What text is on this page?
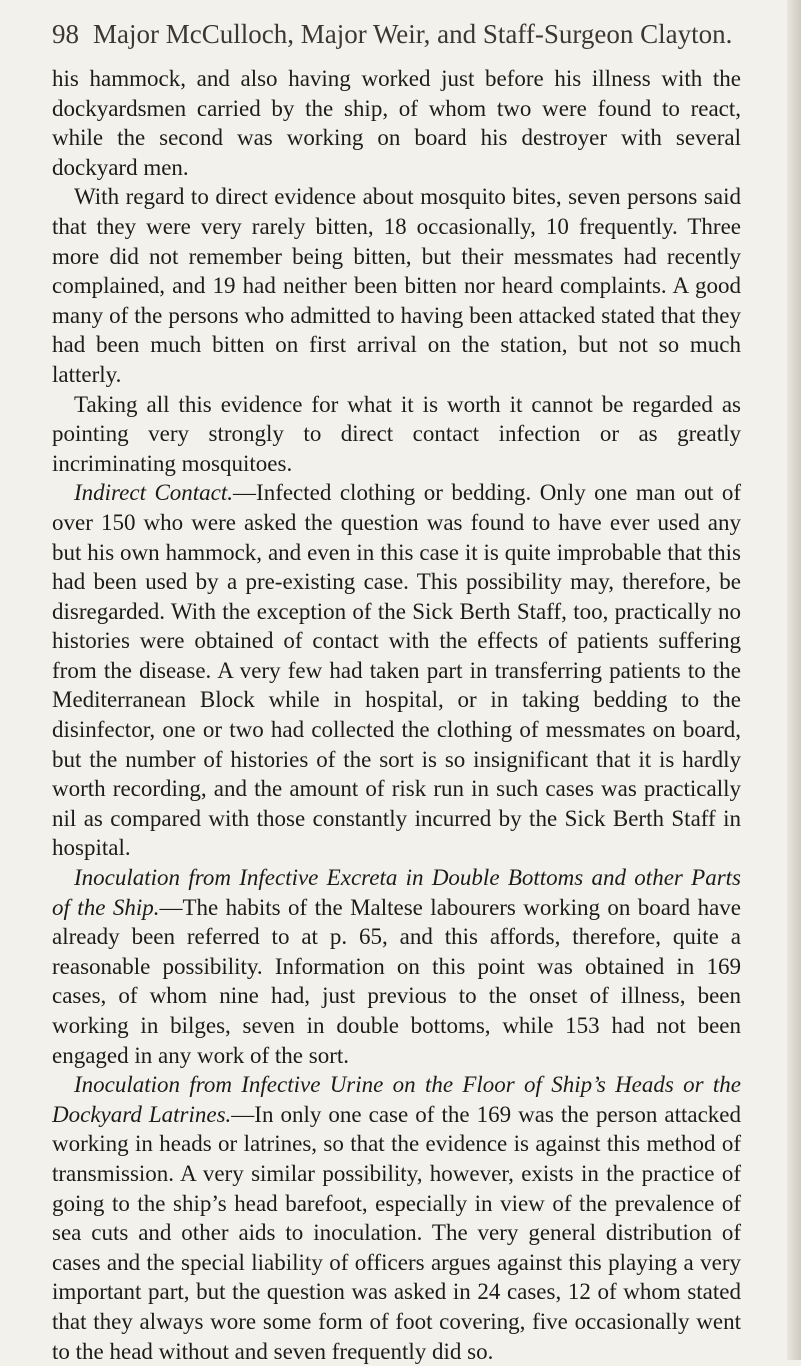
98 Major McCulloch, Major Weir, and Staff-Surgeon Clayton.

his hammock, and also having worked just before his illness with the dockyardsmen carried by the ship, of whom two were found to react, while the second was working on board his destroyer with several dockyard men.

With regard to direct evidence about mosquito bites, seven persons said that they were very rarely bitten, 18 occasionally, 10 frequently. Three more did not remember being bitten, but their messmates had recently complained, and 19 had neither been bitten nor heard complaints. A good many of the persons who admitted to having been attacked stated that they had been much bitten on first arrival on the station, but not so much latterly.

Taking all this evidence for what it is worth it cannot be regarded as pointing very strongly to direct contact infection or as greatly incriminating mosquitoes.

Indirect Contact.—Infected clothing or bedding. Only one man out of over 150 who were asked the question was found to have ever used any but his own hammock, and even in this case it is quite improbable that this had been used by a pre-existing case. This possibility may, therefore, be disregarded. With the exception of the Sick Berth Staff, too, practically no histories were obtained of contact with the effects of patients suffering from the disease. A very few had taken part in transferring patients to the Mediterranean Block while in hospital, or in taking bedding to the disinfector, one or two had collected the clothing of messmates on board, but the number of histories of the sort is so insignificant that it is hardly worth recording, and the amount of risk run in such cases was practically nil as compared with those constantly incurred by the Sick Berth Staff in hospital.

Inoculation from Infective Excreta in Double Bottoms and other Parts of the Ship.—The habits of the Maltese labourers working on board have already been referred to at p. 65, and this affords, therefore, quite a reasonable possibility. Information on this point was obtained in 169 cases, of whom nine had, just previous to the onset of illness, been working in bilges, seven in double bottoms, while 153 had not been engaged in any work of the sort.

Inoculation from Infective Urine on the Floor of Ship’s Heads or the Dockyard Latrines.—In only one case of the 169 was the person attacked working in heads or latrines, so that the evidence is against this method of transmission. A very similar possibility, however, exists in the practice of going to the ship’s head barefoot, especially in view of the prevalence of sea cuts and other aids to inoculation. The very general distribution of cases and the special liability of officers argues against this playing a very important part, but the question was asked in 24 cases, 12 of whom stated that they always wore some form of foot covering, five occasionally went to the head without and seven frequently did so.
